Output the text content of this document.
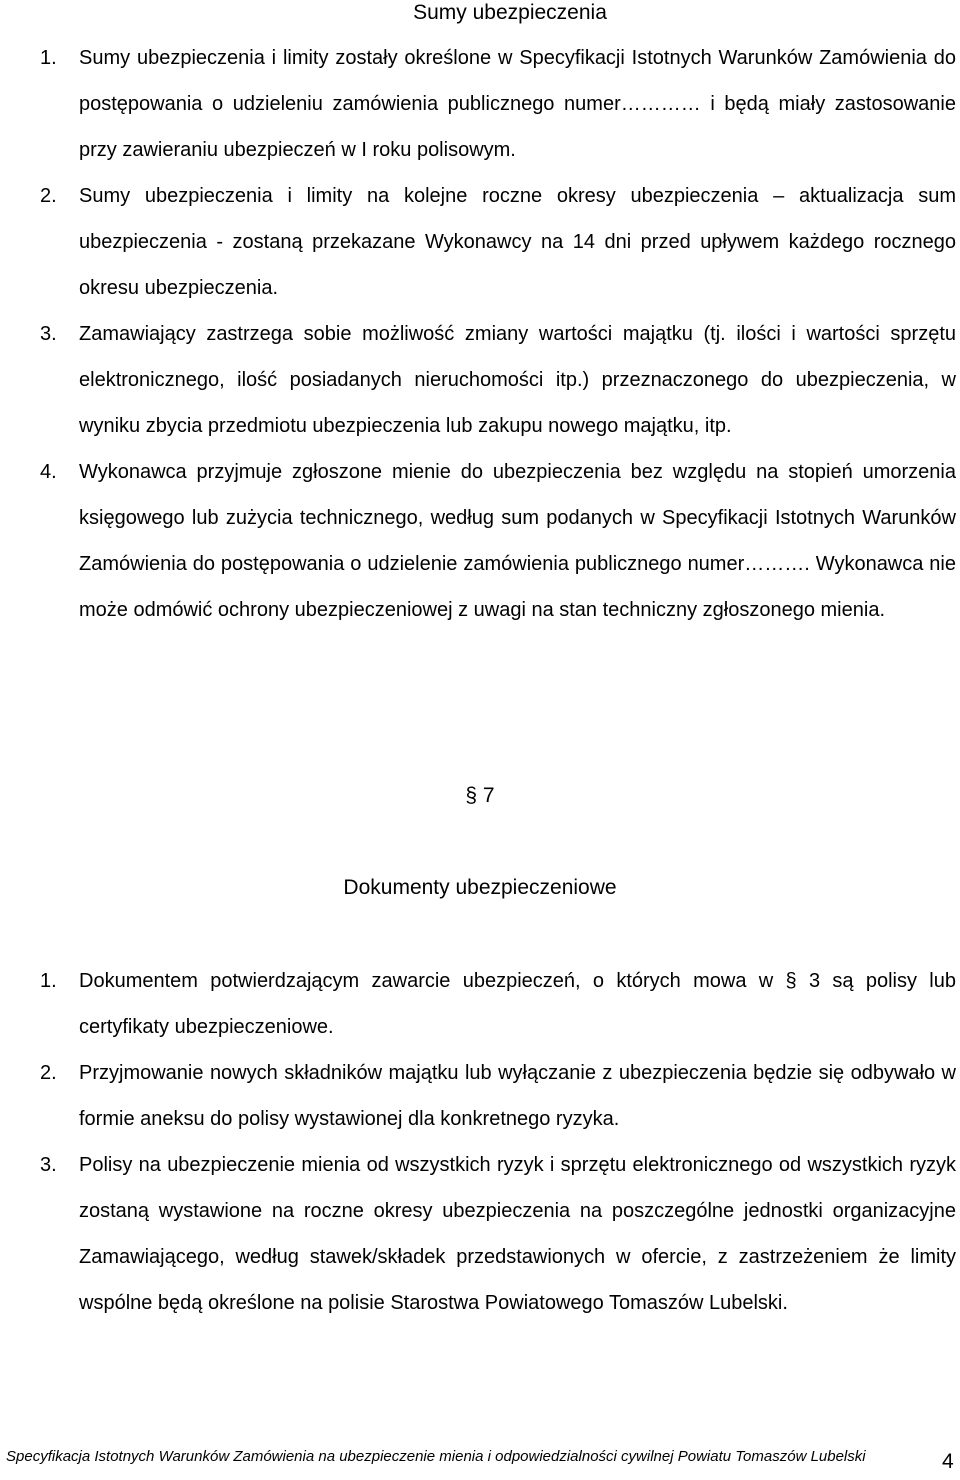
Sumy ubezpieczenia
1.	Sumy ubezpieczenia i limity zostały określone w Specyfikacji Istotnych Warunków Zamówienia do postępowania o udzieleniu zamówienia publicznego numer………… i będą miały zastosowanie przy zawieraniu ubezpieczeń w I roku polisowym.
2.	Sumy ubezpieczenia i limity na kolejne roczne okresy ubezpieczenia – aktualizacja sum ubezpieczenia - zostaną przekazane Wykonawcy na 14 dni przed upływem każdego rocznego okresu ubezpieczenia.
3.	Zamawiający zastrzega sobie możliwość zmiany wartości majątku (tj. ilości i wartości sprzętu elektronicznego, ilość posiadanych nieruchomości itp.) przeznaczonego do ubezpieczenia, w wyniku zbycia przedmiotu ubezpieczenia lub zakupu nowego majątku, itp.
4.	Wykonawca przyjmuje zgłoszone mienie do ubezpieczenia bez względu na stopień umorzenia księgowego lub zużycia technicznego, według sum podanych w Specyfikacji Istotnych Warunków Zamówienia do postępowania o udzielenie zamówienia publicznego numer………. Wykonawca nie może odmówić ochrony ubezpieczeniowej z uwagi na stan techniczny zgłoszonego mienia.
§ 7
Dokumenty ubezpieczeniowe
1.	Dokumentem potwierdzającym zawarcie ubezpieczeń, o których mowa w § 3 są polisy lub certyfikaty ubezpieczeniowe.
2.	Przyjmowanie nowych składników majątku lub wyłączanie z ubezpieczenia będzie się odbywało w formie aneksu do polisy wystawionej dla konkretnego ryzyka.
3.	Polisy na ubezpieczenie mienia od wszystkich ryzyk i sprzętu elektronicznego od wszystkich ryzyk zostaną wystawione na roczne okresy ubezpieczenia na poszczególne jednostki organizacyjne Zamawiającego, według stawek/składek przedstawionych w ofercie, z zastrzeżeniem że limity wspólne będą określone na polisie Starostwa Powiatowego Tomaszów Lubelski.
Specyfikacja Istotnych Warunków Zamówienia na ubezpieczenie mienia i odpowiedzialności cywilnej Powiatu Tomaszów Lubelski	4
